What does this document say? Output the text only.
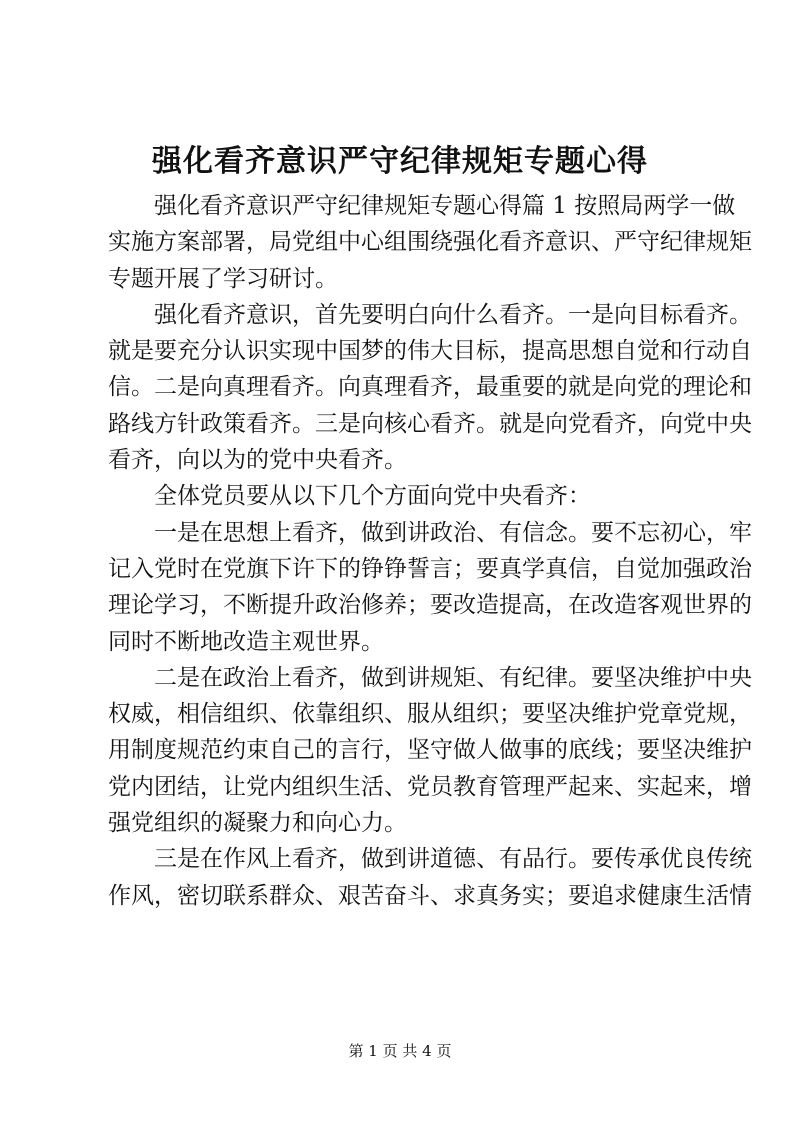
强化看齐意识严守纪律规矩专题心得

强化看齐意识严守纪律规矩专题心得篇 1 按照局两学一做
实施方案部署，局党组中心组围绕强化看齐意识、严守纪律规矩
专题开展了学习研讨。

强化看齐意识，首先要明白向什么看齐。一是向目标看齐。
就是要充分认识实现中国梦的伟大目标，提高思想自觉和行动自
信。二是向真理看齐。向真理看齐，最重要的就是向党的理论和
路线方针政策看齐。三是向核心看齐。就是向党看齐，向党中央
看齐，向以为的党中央看齐。

全体党员要从以下几个方面向党中央看齐：

一是在思想上看齐，做到讲政治、有信念。要不忘初心，牢
记入党时在党旗下许下的铮铮誓言；要真学真信，自觉加强政治
理论学习，不断提升政治修养；要改造提高，在改造客观世界的
同时不断地改造主观世界。

二是在政治上看齐，做到讲规矩、有纪律。要坚决维护中央
权威，相信组织、依靠组织、服从组织；要坚决维护党章党规，
用制度规范约束自己的言行，坚守做人做事的底线；要坚决维护
党内团结，让党内组织生活、党员教育管理严起来、实起来，增
强党组织的凝聚力和向心力。

三是在作风上看齐，做到讲道德、有品行。要传承优良传统
作风，密切联系群众、艰苦奋斗、求真务实；要追求健康生活情

第 1 页 共 4 页
